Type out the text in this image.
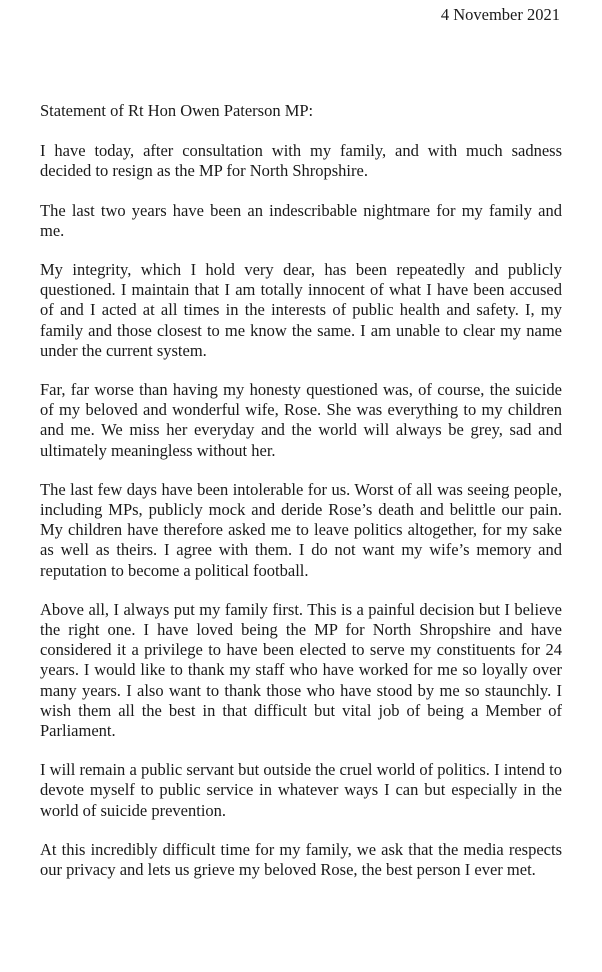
4 November 2021

Statement of Rt Hon Owen Paterson MP:

I have today, after consultation with my family, and with much sadness decided to resign as the MP for North Shropshire.

The last two years have been an indescribable nightmare for my family and me.

My integrity, which I hold very dear, has been repeatedly and publicly questioned. I maintain that I am totally innocent of what I have been accused of and I acted at all times in the interests of public health and safety. I, my family and those closest to me know the same. I am unable to clear my name under the current system.

Far, far worse than having my honesty questioned was, of course, the suicide of my beloved and wonderful wife, Rose. She was everything to my children and me. We miss her everyday and the world will always be grey, sad and ultimately meaningless without her.

The last few days have been intolerable for us. Worst of all was seeing people, including MPs, publicly mock and deride Rose’s death and belittle our pain. My children have therefore asked me to leave politics altogether, for my sake as well as theirs. I agree with them. I do not want my wife’s memory and reputation to become a political football.

Above all, I always put my family first. This is a painful decision but I believe the right one. I have loved being the MP for North Shropshire and have considered it a privilege to have been elected to serve my constituents for 24 years. I would like to thank my staff who have worked for me so loyally over many years. I also want to thank those who have stood by me so staunchly. I wish them all the best in that difficult but vital job of being a Member of Parliament.

I will remain a public servant but outside the cruel world of politics. I intend to devote myself to public service in whatever ways I can but especially in the world of suicide prevention.

At this incredibly difficult time for my family, we ask that the media respects our privacy and lets us grieve my beloved Rose, the best person I ever met.
